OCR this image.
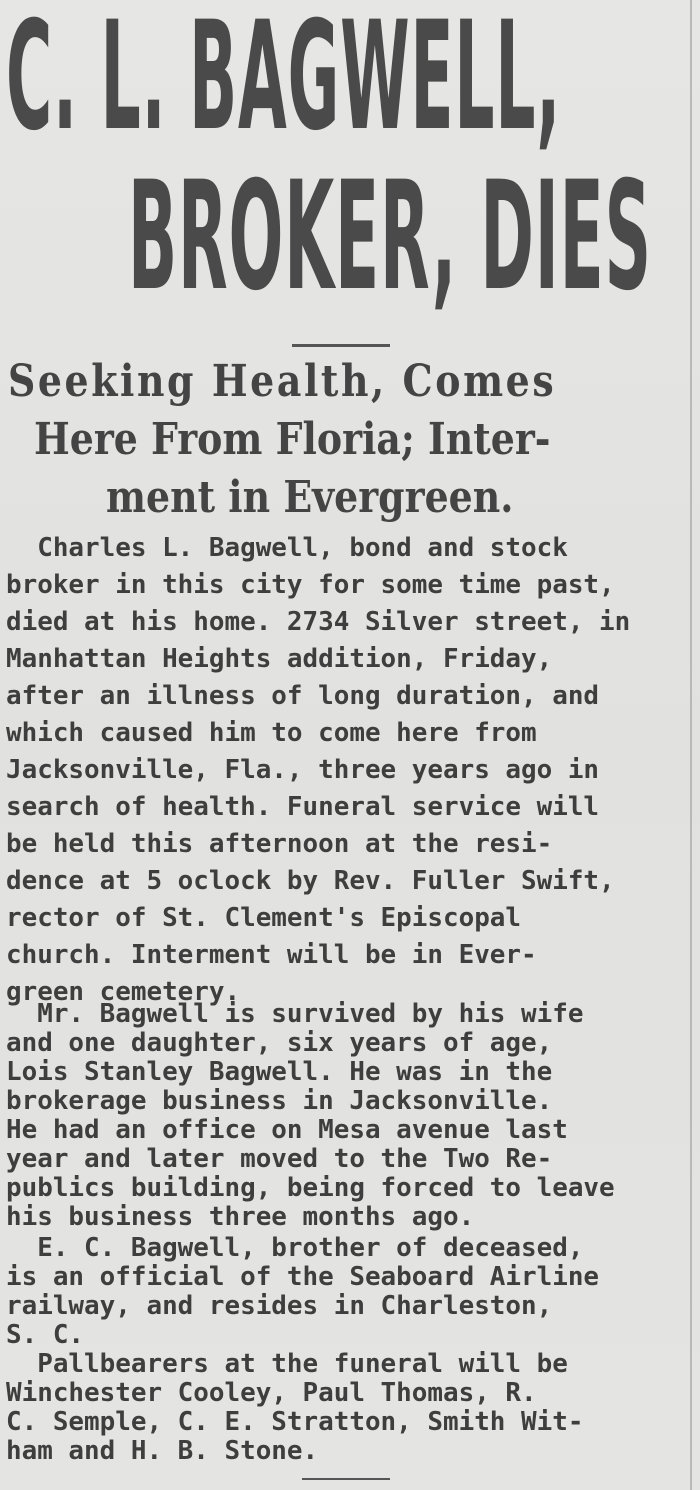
C. L. BAGWELL,
BROKER, DIES
Seeking Health, Comes
Here From Floria; Inter-
ment in Evergreen.
Charles L. Bagwell, bond and stock
broker in this city for some time past,
died at his home. 2734 Silver street, in
Manhattan Heights addition, Friday,
after an illness of long duration, and
which caused him to come here from
Jacksonville, Fla., three years ago in
search of health. Funeral service will
be held this afternoon at the resi-
dence at 5 oclock by Rev. Fuller Swift,
rector of St. Clement's Episcopal
church. Interment will be in Ever-
green cemetery.
Mr. Bagwell is survived by his wife
and one daughter, six years of age,
Lois Stanley Bagwell. He was in the
brokerage business in Jacksonville.
He had an office on Mesa avenue last
year and later moved to the Two Re-
publics building, being forced to leave
his business three months ago.
E. C. Bagwell, brother of deceased,
is an official of the Seaboard Airline
railway, and resides in Charleston,
S. C.
Pallbearers at the funeral will be
Winchester Cooley, Paul Thomas, R.
C. Semple, C. E. Stratton, Smith Wit-
ham and H. B. Stone.
